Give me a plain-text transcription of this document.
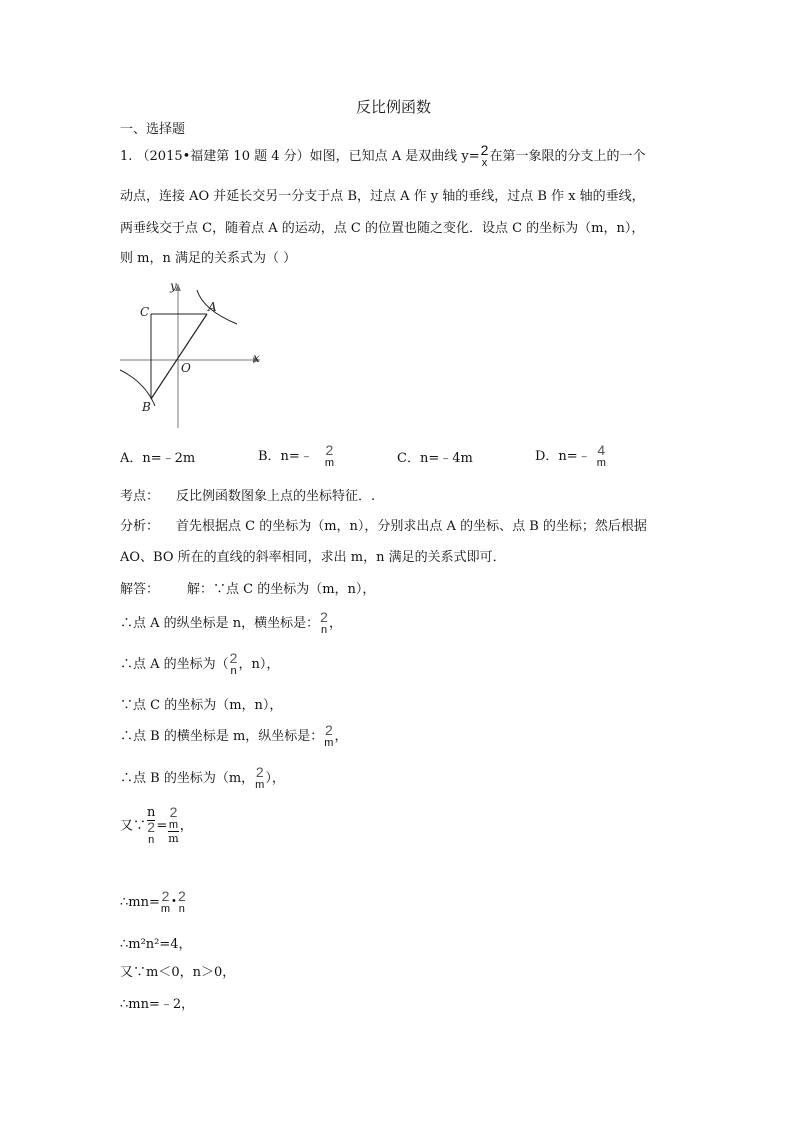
反比例函数
一、选择题
1. （2015•福建第 10 题 4 分）如图，已知点 A 是双曲线 y= 2
x 在第一象限的分支上的一个
动点，连接 AO 并延长交另一分支于点 B，过点 A 作 y 轴的垂线，过点 B 作 x 轴的垂线，
两垂线交于点 C，随着点 A 的运动，点 C 的位置也随之变化．设点 C 的坐标为（m，n），
则 m，n 满足的关系式为（ ）
x
y
O
A
B
C
A．n=﹣2m	B．n=﹣ 2
m	C．n=﹣4m	D．n=﹣ 4
m
考点： 反比例函数图象上点的坐标特征．.
分析： 首先根据点 C 的坐标为（m，n），分别求出点 A 的坐标、点 B 的坐标；然后根据
AO、BO 所在的直线的斜率相同，求出 m，n 满足的关系式即可．
解答： 解：∵点 C 的坐标为（m，n），
∴点 A 的纵坐标是 n，横坐标是： 2
n ，
∴点 A 的坐标为（ 2
n ，n），
∵点 C 的坐标为（m，n），
∴点 B 的横坐标是 m，纵坐标是： 2
m ，
∴点 B 的坐标为（m， 2
m ），
又∵ n
2
n =
2
m
m
，
∴mn= 2
m
• 2
n
∴m²n²=4，
又∵m＜0，n＞0，
∴mn=﹣2，
